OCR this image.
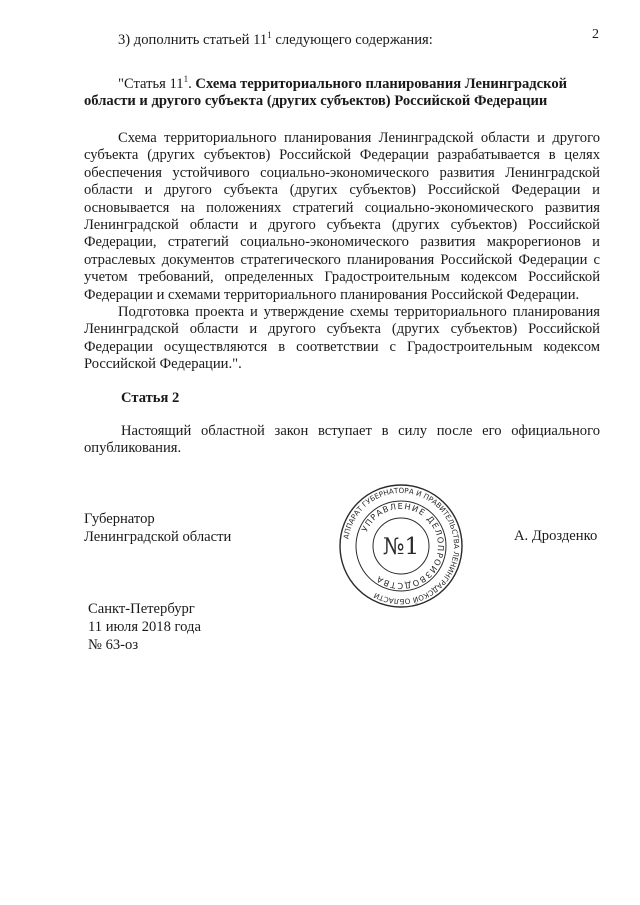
2
3) дополнить статьей $11^1$ следующего содержания:
"Статья $11^1$. Схема территориального планирования Ленинградской области и другого субъекта (других субъектов) Российской Федерации
Схема территориального планирования Ленинградской области и другого субъекта (других субъектов) Российской Федерации разрабатывается в целях обеспечения устойчивого социально-экономического развития Ленинградской области и другого субъекта (других субъектов) Российской Федерации и основывается на положениях стратегий социально-экономического развития Ленинградской области и другого субъекта (других субъектов) Российской Федерации, стратегий социально-экономического развития макрорегионов и отраслевых документов стратегического планирования Российской Федерации с учетом требований, определенных Градостроительным кодексом Российской Федерации и схемами территориального планирования Российской Федерации.
Подготовка проекта и утверждение схемы территориального планирования Ленинградской области и другого субъекта (других субъектов) Российской Федерации осуществляются в соответствии с Градостроительным кодексом Российской Федерации.".
Статья 2
Настоящий областной закон вступает в силу после его официального опубликования.
Губернатор
Ленинградской области	АППАРАТ ГУБЕРНАТОРА И ПРАВИТЕЛЬСТВА ЛЕНИНГРАДСКОЙ ОБЛАСТИ
УПРАВЛЕНИЕ ДЕЛОПРОИЗВОДСТВА
№1	А. Дрозденко
Санкт-Петербург
11 июля 2018 года
№ 63-оз
